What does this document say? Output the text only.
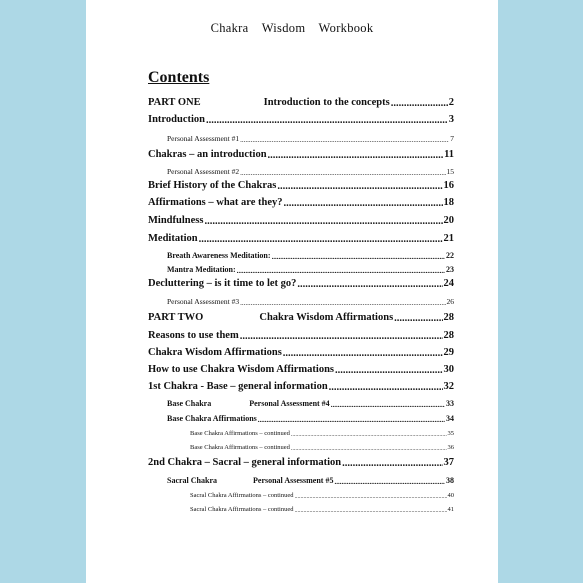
Chakra Wisdom Workbook
Contents
PART ONE	Introduction to the concepts .....	2
Introduction .....	3
Personal Assessment #1 .....	7
Chakras – an introduction .....	11
Personal Assessment #2 .....	15
Brief History of the Chakras .....	16
Affirmations – what are they? .....	18
Mindfulness .....	20
Meditation .....	21
Breath Awareness Meditation: .....	22
Mantra Meditation: .....	23
Decluttering – is it time to let go? .....	24
Personal Assessment #3 .....	26
PART TWO	Chakra Wisdom Affirmations .....	28
Reasons to use them .....	28
Chakra Wisdom Affirmations .....	29
How to use Chakra Wisdom Affirmations .....	30
1st Chakra - Base – general information .....	32
Base Chakra	Personal Assessment #4 .....	33
Base Chakra Affirmations .....	34
Base Chakra Affirmations – continued .....	35
Base Chakra Affirmations – continued .....	36
2nd Chakra – Sacral – general information .....	37
Sacral Chakra	Personal Assessment #5 .....	38
Sacral Chakra Affirmations – continued .....	40
Sacral Chakra Affirmations – continued .....	41
